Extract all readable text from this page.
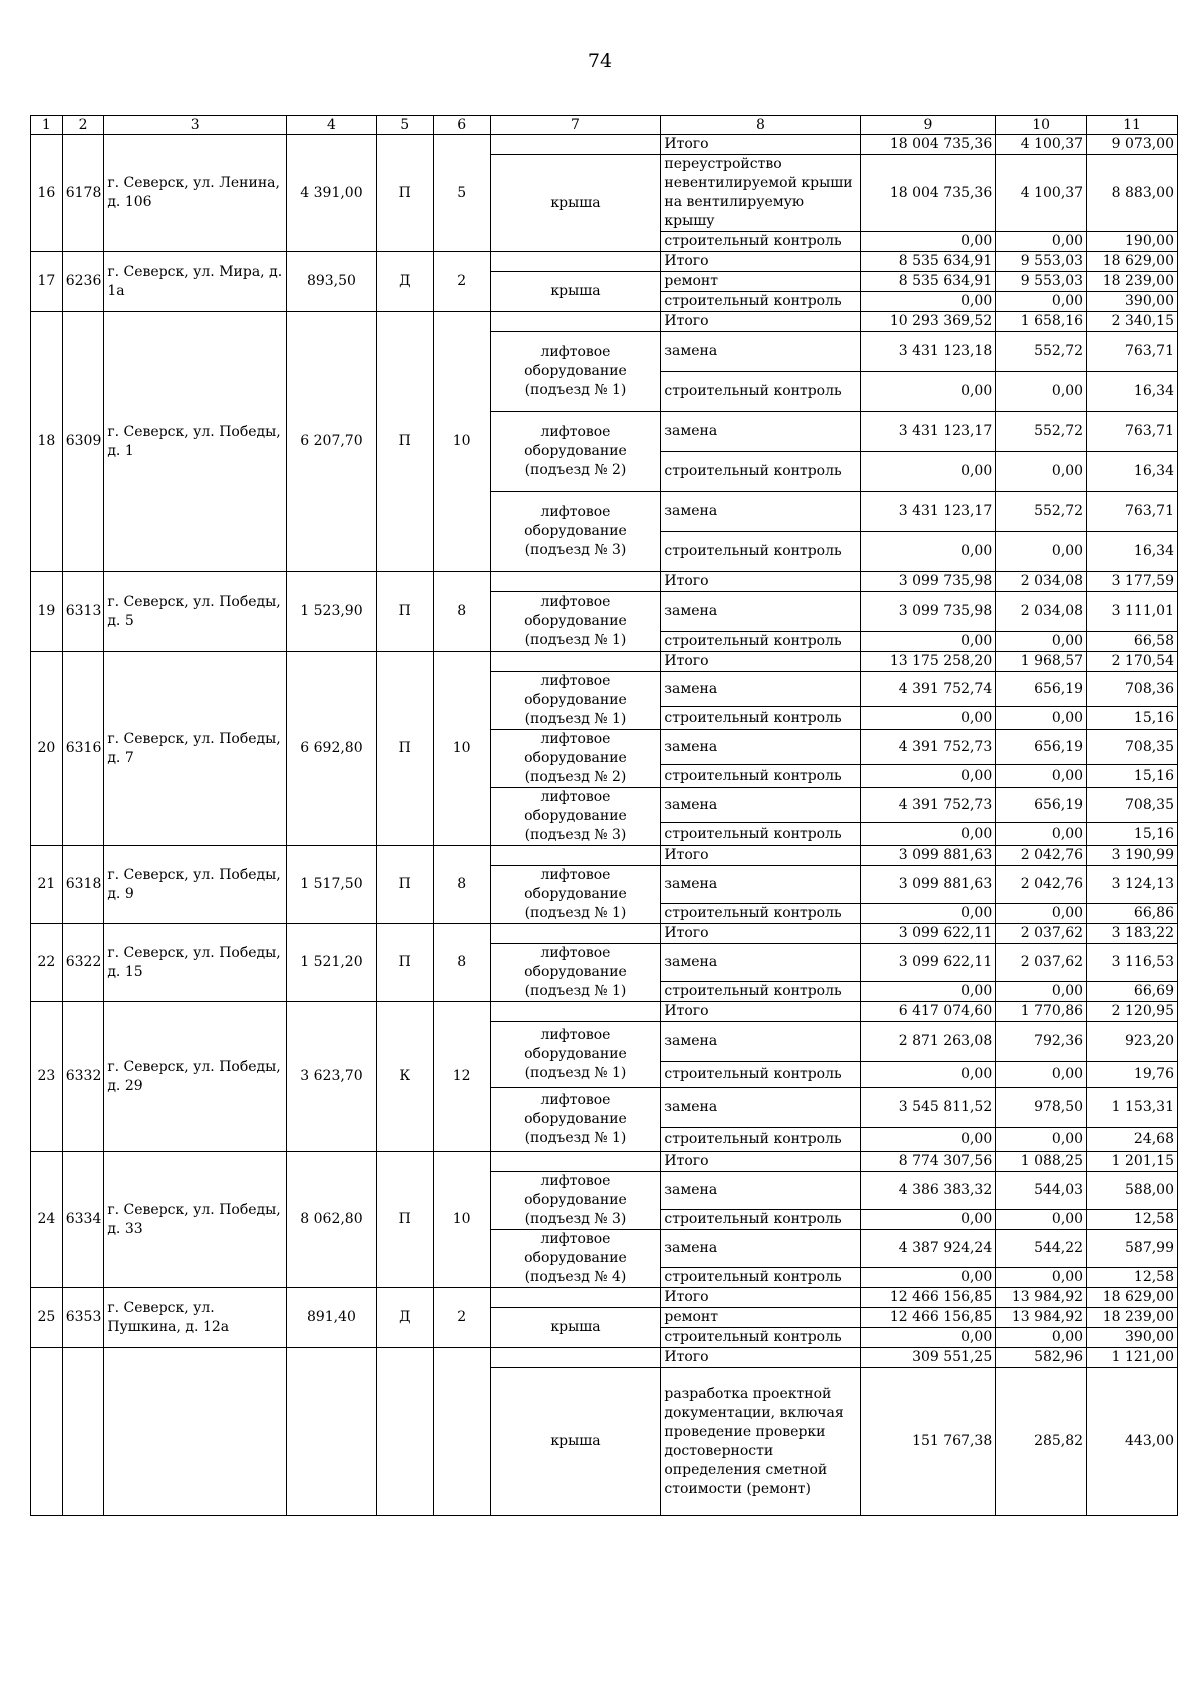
74
1	2	3	4	5	6	7	8	9	10	11
16	6178	г. Северск, ул. Ленина, д. 106	4 391,00	П	5					
							Итого	18 004 735,36	4 100,37	9 073,00
						крыша	переустройство невентилируемой крыши на вентилируемую крышу	18 004 735,36	4 100,37	8 883,00
							строительный контроль	0,00	0,00	190,00
17	6236	г. Северск, ул. Мира, д. 1а	893,50	Д	2					
							Итого	8 535 634,91	9 553,03	18 629,00
						крыша	ремонт	8 535 634,91	9 553,03	18 239,00
							строительный контроль	0,00	0,00	390,00
18	6309	г. Северск, ул. Победы, д. 1	6 207,70	П	10					
							Итого	10 293 369,52	1 658,16	2 340,15
						лифтовое оборудование (подъезд № 1)	замена	3 431 123,18	552,72	763,71
							строительный контроль	0,00	0,00	16,34
						лифтовое оборудование (подъезд № 2)	замена	3 431 123,17	552,72	763,71
							строительный контроль	0,00	0,00	16,34
						лифтовое оборудование (подъезд № 3)	замена	3 431 123,17	552,72	763,71
							строительный контроль	0,00	0,00	16,34
19	6313	г. Северск, ул. Победы, д. 5	1 523,90	П	8					
							Итого	3 099 735,98	2 034,08	3 177,59
						лифтовое оборудование (подъезд № 1)	замена	3 099 735,98	2 034,08	3 111,01
							строительный контроль	0,00	0,00	66,58
20	6316	г. Северск, ул. Победы, д. 7	6 692,80	П	10					
							Итого	13 175 258,20	1 968,57	2 170,54
						лифтовое оборудование (подъезд № 1)	замена	4 391 752,74	656,19	708,36
							строительный контроль	0,00	0,00	15,16
						лифтовое оборудование (подъезд № 2)	замена	4 391 752,73	656,19	708,35
							строительный контроль	0,00	0,00	15,16
						лифтовое оборудование (подъезд № 3)	замена	4 391 752,73	656,19	708,35
							строительный контроль	0,00	0,00	15,16
21	6318	г. Северск, ул. Победы, д. 9	1 517,50	П	8					
							Итого	3 099 881,63	2 042,76	3 190,99
						лифтовое оборудование (подъезд № 1)	замена	3 099 881,63	2 042,76	3 124,13
							строительный контроль	0,00	0,00	66,86
22	6322	г. Северск, ул. Победы, д. 15	1 521,20	П	8					
							Итого	3 099 622,11	2 037,62	3 183,22
						лифтовое оборудование (подъезд № 1)	замена	3 099 622,11	2 037,62	3 116,53
							строительный контроль	0,00	0,00	66,69
23	6332	г. Северск, ул. Победы, д. 29	3 623,70	К	12					
							Итого	6 417 074,60	1 770,86	2 120,95
						лифтовое оборудование (подъезд № 1)	замена	2 871 263,08	792,36	923,20
							строительный контроль	0,00	0,00	19,76
						лифтовое оборудование (подъезд № 1)	замена	3 545 811,52	978,50	1 153,31
							строительный контроль	0,00	0,00	24,68
24	6334	г. Северск, ул. Победы, д. 33	8 062,80	П	10					
							Итого	8 774 307,56	1 088,25	1 201,15
						лифтовое оборудование (подъезд № 3)	замена	4 386 383,32	544,03	588,00
							строительный контроль	0,00	0,00	12,58
						лифтовое оборудование (подъезд № 4)	замена	4 387 924,24	544,22	587,99
							строительный контроль	0,00	0,00	12,58
25	6353	г. Северск, ул. Пушкина, д. 12а	891,40	Д	2					
							Итого	12 466 156,85	13 984,92	18 629,00
						крыша	ремонт	12 466 156,85	13 984,92	18 239,00
							строительный контроль	0,00	0,00	390,00

							Итого	309 551,25	582,96	1 121,00
						крыша	разработка проектной документации, включая проведение проверки достоверности определения сметной стоимости (ремонт)	151 767,38	285,82	443,00
